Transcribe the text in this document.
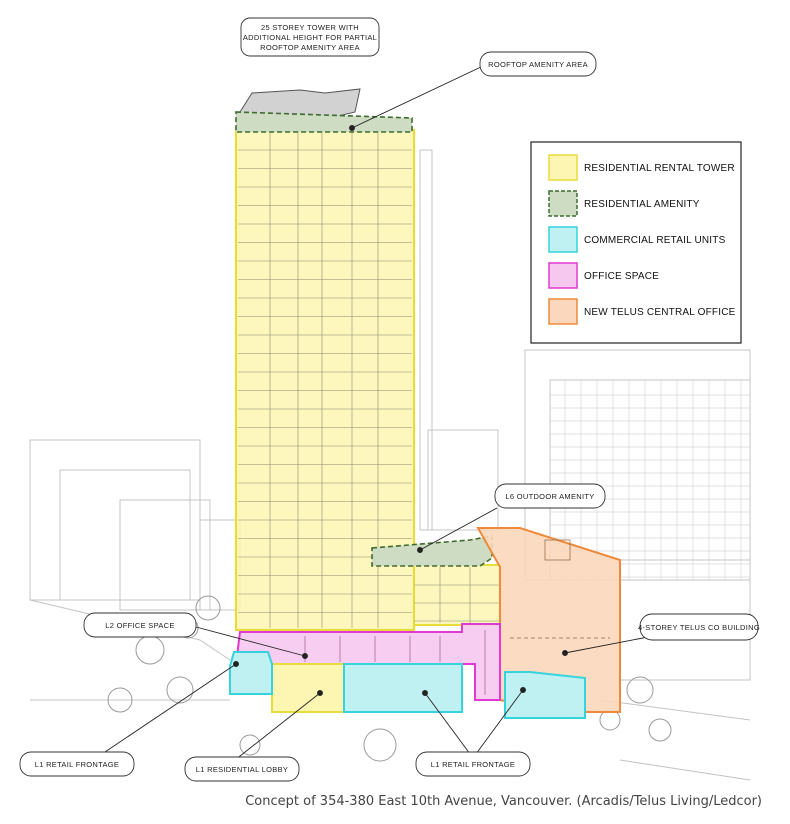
25 STOREY TOWER WITH
ADDITIONAL HEIGHT FOR PARTIAL
ROOFTOP AMENITY AREA
ROOFTOP AMENITY AREA
L6 OUTDOOR AMENITY
L2 OFFICE SPACE	4-STOREY TELUS CO BUILDING
L1 RETAIL FRONTAGE
L1 RESIDENTIAL LOBBY
L1 RETAIL FRONTAGE
RESIDENTIAL RENTAL TOWER
RESIDENTIAL AMENITY
COMMERCIAL RETAIL UNITS
OFFICE SPACE
NEW TELUS CENTRAL OFFICE
Concept of 354-380 East 10th Avenue, Vancouver. (Arcadis/Telus Living/Ledcor)
